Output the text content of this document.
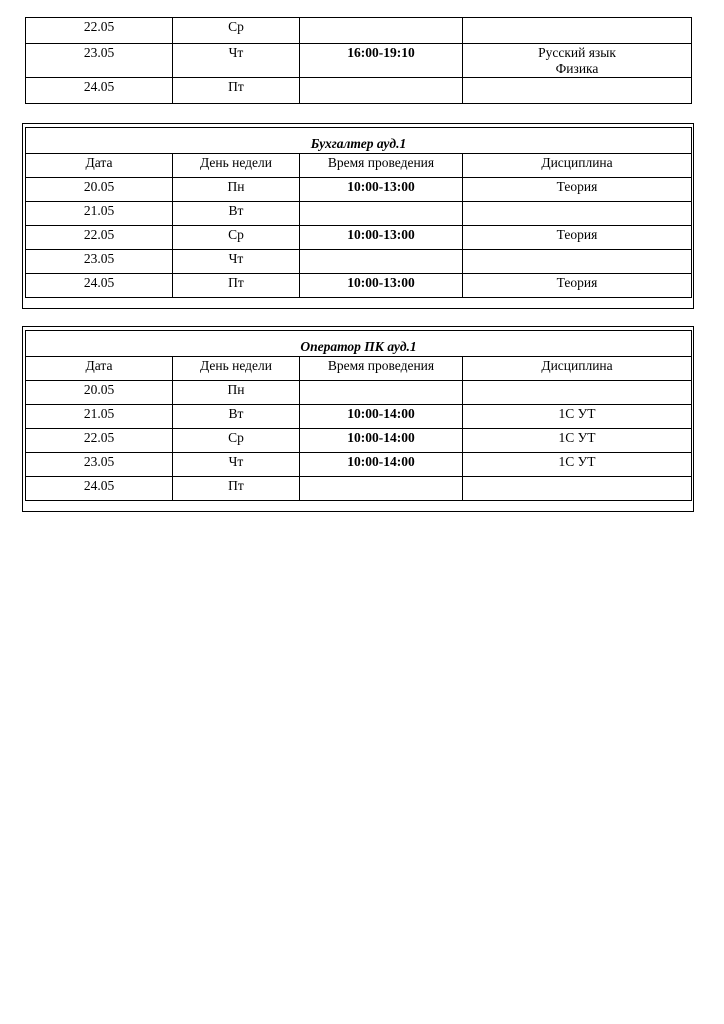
22.05	Ср		
23.05	Чт	16:00-19:10	Русский язык
Физика

24.05	Пт		
Бухгалтер ауд.1			
Дата	День недели	Время проведения	Дисциплина
20.05	Пн	10:00-13:00	Теория
21.05	Вт		
22.05	Ср	10:00-13:00	Теория
23.05	Чт		
24.05	Пт	10:00-13:00	Теория
Оператор ПК ауд.1			
Дата	День недели	Время проведения	Дисциплина
20.05	Пн		
21.05	Вт	10:00-14:00	1С УТ
22.05	Ср	10:00-14:00	1С УТ
23.05	Чт	10:00-14:00	1С УТ
24.05	Пт		
